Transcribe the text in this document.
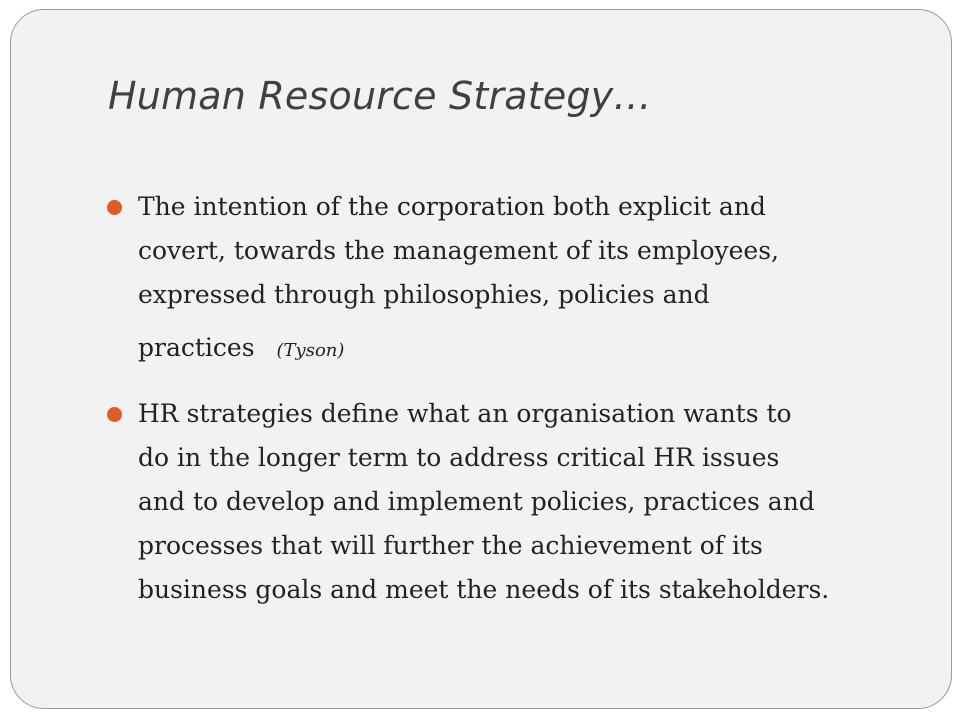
Human Resource Strategy…
The intention of the corporation both explicit and
covert, towards the management of its employees,
expressed through philosophies, policies and
practices (Tyson)
HR strategies define what an organisation wants to
do in the longer term to address critical HR issues
and to develop and implement policies, practices and
processes that will further the achievement of its
business goals and meet the needs of its stakeholders.
